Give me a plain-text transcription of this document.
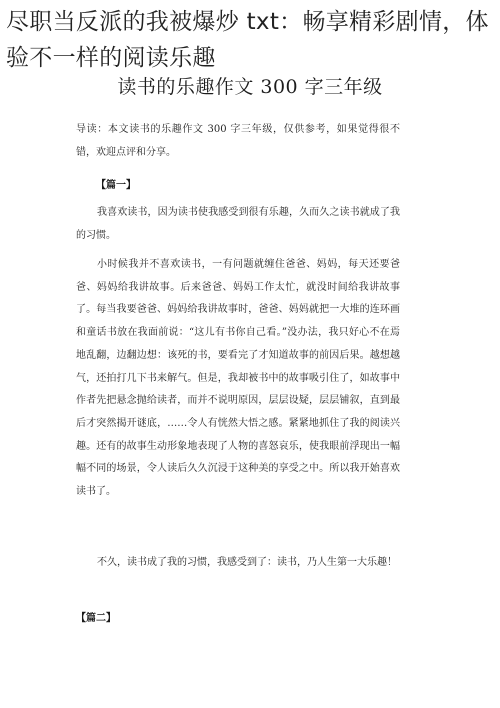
尽职当反派的我被爆炒 txt：畅享精彩剧情，体验不一样的阅读乐趣
读书的乐趣作文 300 字三年级

导读：本文读书的乐趣作文 300 字三年级，仅供参考，如果觉得很不错，欢迎点评和分享。

【篇一】

我喜欢读书，因为读书使我感受到很有乐趣，久而久之读书就成了我的习惯。

小时候我并不喜欢读书，一有问题就缠住爸爸、妈妈，每天还要爸爸、妈妈给我讲故事。后来爸爸、妈妈工作太忙，就没时间给我讲故事了。每当我要爸爸、妈妈给我讲故事时，爸爸、妈妈就把一大堆的连环画和童话书放在我面前说：“这儿有书你自己看。”没办法，我只好心不在焉地乱翻，边翻边想：该死的书，要看完了才知道故事的前因后果。越想越气，还拍打几下书来解气。但是，我却被书中的故事吸引住了，如故事中作者先把悬念抛给读者，而并不说明原因，层层设疑，层层铺叙，直到最后才突然揭开谜底，……令人有恍然大悟之感。紧紧地抓住了我的阅读兴趣。还有的故事生动形象地表现了人物的喜怒哀乐，使我眼前浮现出一幅幅不同的场景，令人读后久久沉浸于这种美的享受之中。所以我开始喜欢读书了。

不久，读书成了我的习惯，我感受到了：读书，乃人生第一大乐趣！

【篇二】
